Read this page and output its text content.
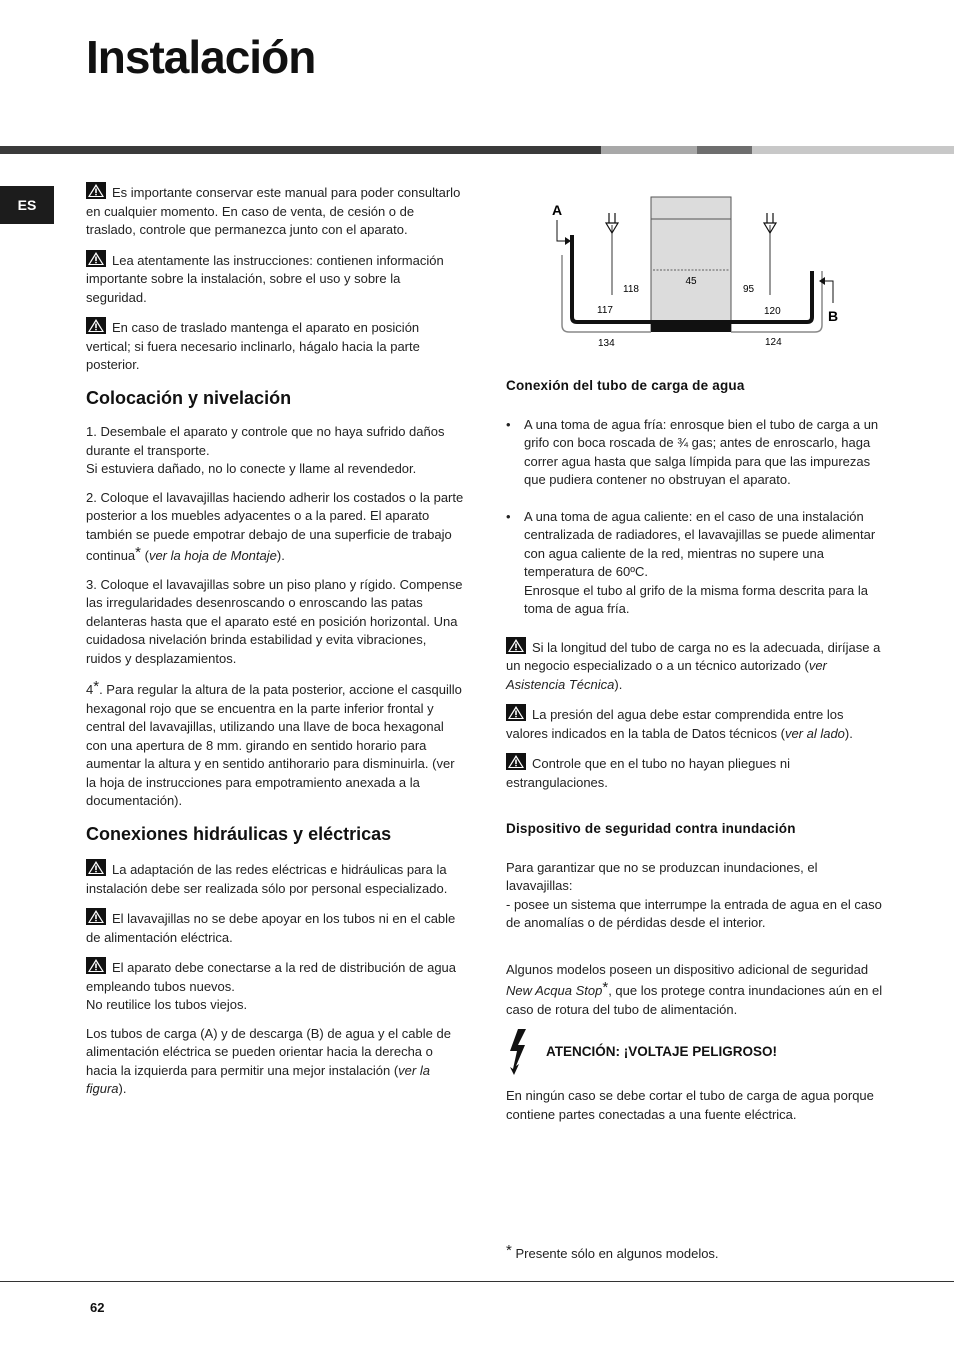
Instalación
ES

Es importante conservar este manual para poder consultarlo en cualquier momento. En caso de venta, de cesión o de traslado, controle que permanezca junto con el aparato.

Lea atentamente las instrucciones: contienen información importante sobre la instalación, sobre el uso y sobre la seguridad.

En caso de traslado mantenga el aparato en posición vertical; si fuera necesario inclinarlo, hágalo hacia la parte posterior.

Colocación y nivelación

1. Desembale el aparato y controle que no haya sufrido daños durante el transporte.
Si estuviera dañado, no lo conecte y llame al revendedor.

2. Coloque el lavavajillas haciendo adherir los costados o la parte posterior a los muebles adyacentes o a la pared. El aparato también se puede empotrar debajo de una superficie de trabajo continua* (ver la hoja de Montaje).

3. Coloque el lavavajillas sobre un piso plano y rígido. Compense las irregularidades desenroscando o enroscando las patas delanteras hasta que el aparato esté en posición horizontal. Una cuidadosa nivelación brinda estabilidad y evita vibraciones, ruidos y desplazamientos.

4*. Para regular la altura de la pata posterior, accione el casquillo hexagonal rojo que se encuentra en la parte inferior frontal y central del lavavajillas, utilizando una llave de boca hexagonal con una apertura de 8 mm. girando en sentido horario para aumentar la altura y en sentido antihorario para disminuirla. (ver la hoja de instrucciones para empotramiento anexada a la documentación).

Conexiones hidráulicas y eléctricas

La adaptación de las redes eléctricas e hidráulicas para la instalación debe ser realizada sólo por personal especializado.

El lavavajillas no se debe apoyar en los tubos ni en el cable de alimentación eléctrica.

El aparato debe conectarse a la red de distribución de agua empleando tubos nuevos.
No reutilice los tubos viejos.

Los tubos de carga (A) y de descarga (B) de agua y el cable de alimentación eléctrica se pueden orientar hacia la derecha o hacia la izquierda para permitir una mejor instalación (ver la figura).

45
A
B
118	95
117	120
134	124
Conexión del tubo de carga de agua
• A una toma de agua fría: enrosque bien el tubo de carga a un grifo con boca roscada de ¾ gas; antes de enroscarlo, haga correr agua hasta que salga límpida para que las impurezas que pudiera contener no obstruyan el aparato.
• A una toma de agua caliente: en el caso de una instalación centralizada de radiadores, el lavavajillas se puede alimentar con agua caliente de la red, mientras no supere una temperatura de 60ºC.
Enrosque el tubo al grifo de la misma forma descrita para la toma de agua fría.

Si la longitud del tubo de carga no es la adecuada, diríjase a un negocio especializado o a un técnico autorizado (ver Asistencia Técnica).

La presión del agua debe estar comprendida entre los valores indicados en la tabla de Datos técnicos (ver al lado).

Controle que en el tubo no hayan pliegues ni estrangulaciones.

Dispositivo de seguridad contra inundación

Para garantizar que no se produzcan inundaciones, el lavavajillas:
- posee un sistema que interrumpe la entrada de agua en el caso de anomalías o de pérdidas desde el interior.

Algunos modelos poseen un dispositivo adicional de seguridad New Acqua Stop*, que los protege contra inundaciones aún en el caso de rotura del tubo de alimentación.

ATENCIÓN: ¡VOLTAJE PELIGROSO!

En ningún caso se debe cortar el tubo de carga de agua porque contiene partes conectadas a una fuente eléctrica.

* Presente sólo en algunos modelos.
62
